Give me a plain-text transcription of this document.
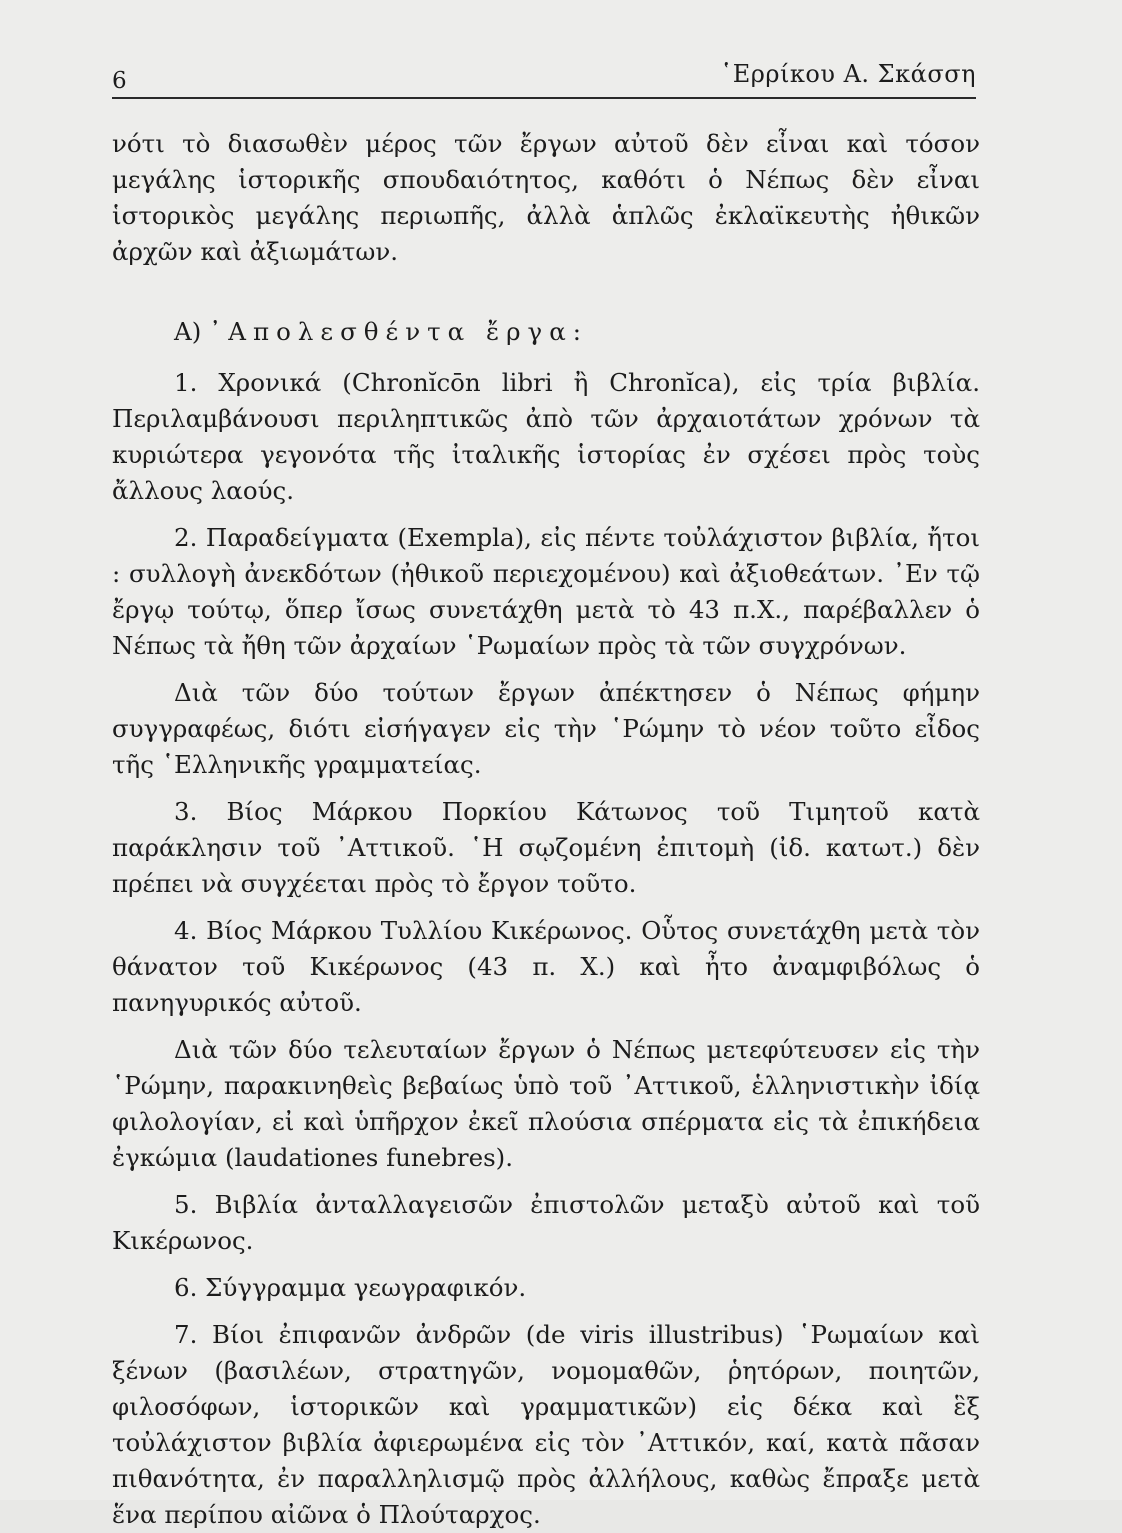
6	῾Ερρίκου Α. Σκάσση

νότι τὸ διασωθὲν μέρος τῶν ἔργων αὐτοῦ δὲν εἶναι καὶ τόσον μεγάλης ἱστορικῆς σπουδαιότητος, καθότι ὁ Νέπως δὲν εἶναι ἱστορικὸς μεγάλης περιωπῆς, ἀλλὰ ἁπλῶς ἐκλαϊκευτὴς ἠθικῶν ἀρχῶν καὶ ἀξιωμάτων.

Α) ᾿Απολεσθέντα ἔργα:

1. Χρονικά (Chronĭcōn libri ἢ Chronĭca), εἰς τρία βιβλία. Περιλαμβάνουσι περιληπτικῶς ἀπὸ τῶν ἀρχαιοτάτων χρόνων τὰ κυριώτερα γεγονότα τῆς ἰταλικῆς ἱστορίας ἐν σχέσει πρὸς τοὺς ἄλλους λαούς.

2. Παραδείγματα (Exempla), εἰς πέντε τοὐλάχιστον βιβλία, ἤτοι : συλλογὴ ἀνεκδότων (ἠθικοῦ περιεχομένου) καὶ ἀξιοθεάτων. ᾿Εν τῷ ἔργῳ τούτῳ, ὅπερ ἴσως συνετάχθη μετὰ τὸ 43 π.Χ., παρέβαλλεν ὁ Νέπως τὰ ἤθη τῶν ἀρχαίων ῾Ρωμαίων πρὸς τὰ τῶν συγχρόνων.

Διὰ τῶν δύο τούτων ἔργων ἀπέκτησεν ὁ Νέπως φήμην συγγραφέως, διότι εἰσήγαγεν εἰς τὴν ῾Ρώμην τὸ νέον τοῦτο εἶδος τῆς ῾Ελληνικῆς γραμματείας.

3. Βίος Μάρκου Πορκίου Κάτωνος τοῦ Τιμητοῦ κατὰ παράκλησιν τοῦ ᾿Αττικοῦ. ῾Η σῳζομένη ἐπιτομὴ (ἰδ. κατωτ.) δὲν πρέπει νὰ συγχέεται πρὸς τὸ ἔργον τοῦτο.

4. Βίος Μάρκου Τυλλίου Κικέρωνος. Οὗτος συνετάχθη μετὰ τὸν θάνατον τοῦ Κικέρωνος (43 π. Χ.) καὶ ἦτο ἀναμφιβόλως ὁ πανηγυρικός αὐτοῦ.

Διὰ τῶν δύο τελευταίων ἔργων ὁ Νέπως μετεφύτευσεν εἰς τὴν ῾Ρώμην, παρακινηθεὶς βεβαίως ὑπὸ τοῦ ᾿Αττικοῦ, ἑλληνιστικὴν ἰδίᾳ φιλολογίαν, εἰ καὶ ὑπῆρχον ἐκεῖ πλούσια σπέρματα εἰς τὰ ἐπικήδεια ἐγκώμια (laudationes funebres).

5. Βιβλία ἀνταλλαγεισῶν ἐπιστολῶν μεταξὺ αὐτοῦ καὶ τοῦ Κικέρωνος.

6. Σύγγραμμα γεωγραφικόν.

7. Βίοι ἐπιφανῶν ἀνδρῶν (de viris illustribus) ῾Ρωμαίων καὶ ξένων (βασιλέων, στρατηγῶν, νομομαθῶν, ῥητόρων, ποιητῶν, φιλοσόφων, ἱστορικῶν καὶ γραμματικῶν) εἰς δέκα καὶ ἓξ τοὐλάχιστον βιβλία ἀφιερωμένα εἰς τὸν ᾿Αττικόν, καί, κατὰ πᾶσαν πιθανότητα, ἐν παραλληλισμῷ πρὸς ἀλλήλους, καθὼς ἔπραξε μετὰ ἕνα περίπου αἰῶνα ὁ Πλούταρχος.
